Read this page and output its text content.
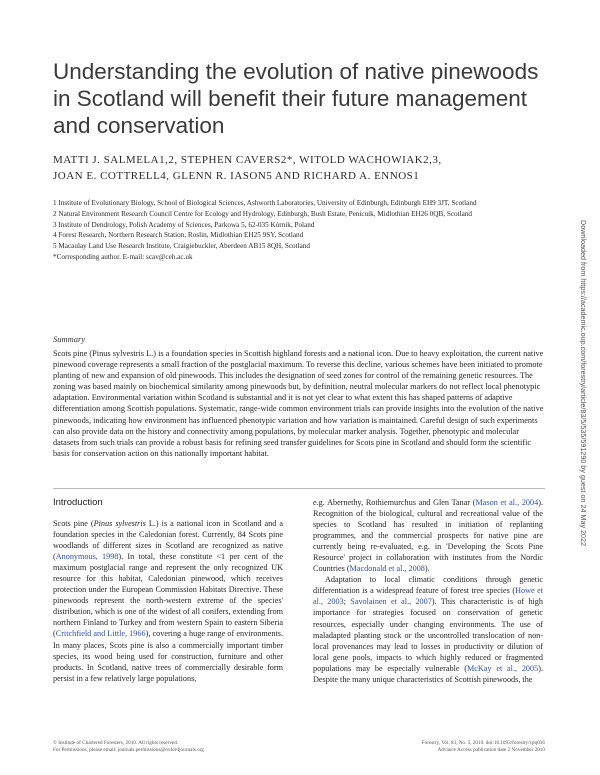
Understanding the evolution of native pinewoods in Scotland will benefit their future management and conservation
MATTI J. SALMELA1,2, STEPHEN CAVERS2*, WITOLD WACHOWIAK2,3,
JOAN E. COTTRELL4, GLENN R. IASON5 AND RICHARD A. ENNOS1
1 Institute of Evolutionary Biology, School of Biological Sciences, Ashworth Laboratories, University of Edinburgh, Edinburgh EH9 3JT, Scotland
2 Natural Environment Research Council Centre for Ecology and Hydrology, Edinburgh, Bush Estate, Penicuik, Midlothian EH26 0QB, Scotland
3 Institute of Dendrology, Polish Academy of Sciences, Parkowa 5, 62-035 Kórnik, Poland
4 Forest Research, Northern Research Station, Roslin, Midlothian EH25 9SY, Scotland
5 Macaulay Land Use Research Institute, Craigiebuckler, Aberdeen AB15 8QH, Scotland
*Corresponding author. E-mail: scav@ceh.ac.uk	Downloaded from https://academic.oup.com/forestry/article/83/5/535/591290 by guest on 24 May 2022
Summary
Scots pine (Pinus sylvestris L.) is a foundation species in Scottish highland forests and a national icon. Due to heavy exploitation, the current native pinewood coverage represents a small fraction of the postglacial maximum. To reverse this decline, various schemes have been initiated to promote planting of new and expansion of old pinewoods. This includes the designation of seed zones for control of the remaining genetic resources. The zoning was based mainly on biochemical similarity among pinewoods but, by definition, neutral molecular markers do not reflect local phenotypic adaptation. Environmental variation within Scotland is substantial and it is not yet clear to what extent this has shaped patterns of adaptive differentiation among Scottish populations. Systematic, range-wide common environment trials can provide insights into the evolution of the native pinewoods, indicating how environment has influenced phenotypic variation and how variation is maintained. Careful design of such experiments can also provide data on the history and connectivity among populations, by molecular marker analysis. Together, phenotypic and molecular datasets from such trials can provide a robust basis for refining seed transfer guidelines for Scots pine in Scotland and should form the scientific basis for conservation action on this nationally important habitat.
Introduction

Scots pine (Pinus sylvestris L.) is a national icon in Scotland and a foundation species in the Caledonian forest. Currently, 84 Scots pine woodlands of different sizes in Scotland are recognized as native (Anonymous, 1998). In total, these constitute <1 per cent of the maximum postglacial range and represent the only recognized UK resource for this habitat, Caledonian pinewood, which receives protection under the European Commission Habitats Directive. These pinewoods represent the north-western extreme of the species' distribution, which is one of the widest of all conifers, extending from northern Finland to Turkey and from western Spain to eastern Siberia (Critchfield and Little, 1966), covering a huge range of environments. In many places, Scots pine is also a commercially important timber species, its wood being used for construction, furniture and other products. In Scotland, native trees of commercially desirable form persist in a few relatively large populations,

e.g. Abernethy, Rothiemurchus and Glen Tanar (Mason et al., 2004). Recognition of the biological, cultural and recreational value of the species to Scotland has resulted in initiation of replanting programmes, and the commercial prospects for native pine are currently being re-evaluated, e.g. in 'Developing the Scots Pine Resource' project in collaboration with institutes from the Nordic Countries (Macdonald et al., 2008).

Adaptation to local climatic conditions through genetic differentiation is a widespread feature of forest tree species (Howe et al., 2003; Savolainen et al., 2007). This characteristic is of high importance for strategies focused on conservation of genetic resources, especially under changing environments. The use of maladapted planting stock or the uncontrolled translocation of non-local provenances may lead to losses in productivity or dilution of local gene pools, impacts to which highly reduced or fragmented populations may be especially vulnerable (McKay et al., 2005). Despite the many unique characteristics of Scottish pinewoods, the

© Institute of Chartered Foresters, 2010. All rights reserved.
For Permissions, please email: journals.permissions@oxfordjournals.org
Forestry, Vol. 83, No. 5, 2010. doi:10.1093/forestry/cpq036
Advance Access publication date 2 November 2010
